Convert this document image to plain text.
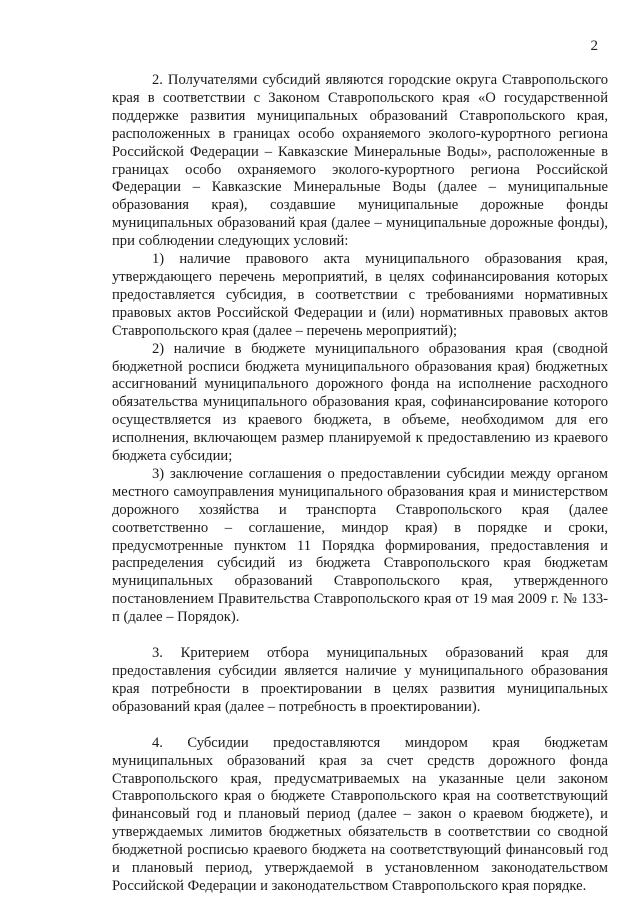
2

2. Получателями субсидий являются городские округа Ставропольского края в соответствии с Законом Ставропольского края «О государственной поддержке развития муниципальных образований Ставропольского края, расположенных в границах особо охраняемого эколого-курортного региона Российской Федерации – Кавказские Минеральные Воды», расположенные в границах особо охраняемого эколого-курортного региона Российской Федерации – Кавказские Минеральные Воды (далее – муниципальные образования края), создавшие муниципальные дорожные фонды муниципальных образований края (далее – муниципальные дорожные фонды), при соблюдении следующих условий:

1) наличие правового акта муниципального образования края, утверждающего перечень мероприятий, в целях софинансирования которых предоставляется субсидия, в соответствии с требованиями нормативных правовых актов Российской Федерации и (или) нормативных правовых актов Ставропольского края (далее – перечень мероприятий);

2) наличие в бюджете муниципального образования края (сводной бюджетной росписи бюджета муниципального образования края) бюджетных ассигнований муниципального дорожного фонда на исполнение расходного обязательства муниципального образования края, софинансирование которого осуществляется из краевого бюджета, в объеме, необходимом для его исполнения, включающем размер планируемой к предоставлению из краевого бюджета субсидии;

3) заключение соглашения о предоставлении субсидии между органом местного самоуправления муниципального образования края и министерством дорожного хозяйства и транспорта Ставропольского края (далее соответственно – соглашение, миндор края) в порядке и сроки, предусмотренные пунктом 11 Порядка формирования, предоставления и распределения субсидий из бюджета Ставропольского края бюджетам муниципальных образований Ставропольского края, утвержденного постановлением Правительства Ставропольского края от 19 мая 2009 г. № 133-п (далее – Порядок).

3. Критерием отбора муниципальных образований края для предоставления субсидии является наличие у муниципального образования края потребности в проектировании в целях развития муниципальных образований края (далее – потребность в проектировании).

4. Субсидии предоставляются миндором края бюджетам муниципальных образований края за счет средств дорожного фонда Ставропольского края, предусматриваемых на указанные цели законом Ставропольского края о бюджете Ставропольского края на соответствующий финансовый год и плановый период (далее – закон о краевом бюджете), и утверждаемых лимитов бюджетных обязательств в соответствии со сводной бюджетной росписью краевого бюджета на соответствующий финансовый год и плановый период, утверждаемой в установленном законодательством Российской Федерации и законодательством Ставропольского края порядке.
